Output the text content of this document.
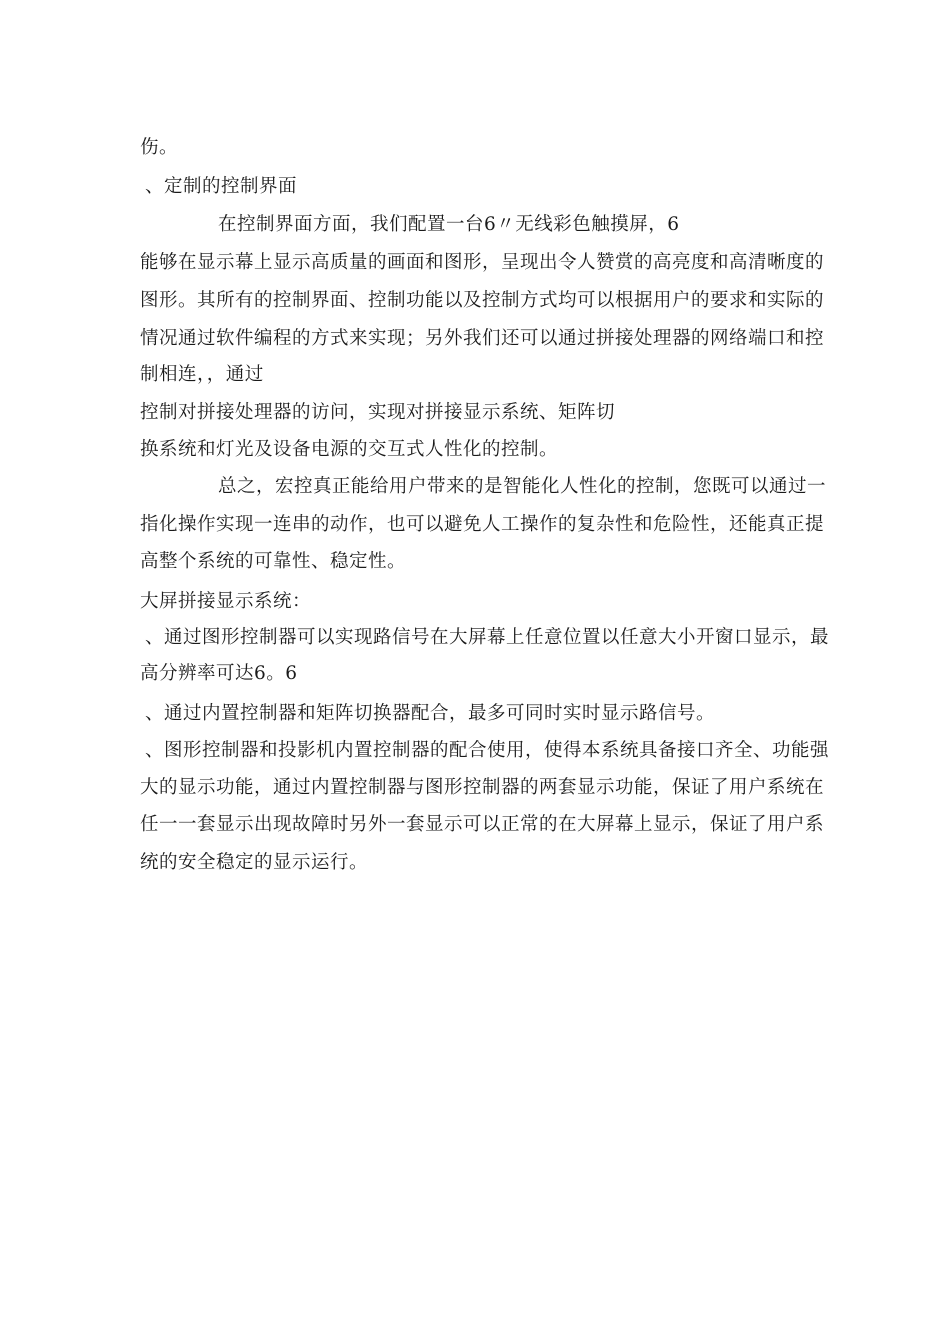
伤。
、定制的控制界面
在控制界面方面，我们配置一台6〃无线彩色触摸屏，6
能够在显示幕上显示高质量的画面和图形，呈现出令人赞赏的高亮度和高清晰度的
图形。其所有的控制界面、控制功能以及控制方式均可以根据用户的要求和实际的
情况通过软件编程的方式来实现；另外我们还可以通过拼接处理器的网络端口和控
制相连，，通过
控制对拼接处理器的访问，实现对拼接显示系统、矩阵切
换系统和灯光及设备电源的交互式人性化的控制。
总之，宏控真正能给用户带来的是智能化人性化的控制，您既可以通过一
指化操作实现一连串的动作，也可以避免人工操作的复杂性和危险性，还能真正提
高整个系统的可靠性、稳定性。
大屏拼接显示系统：
、通过图形控制器可以实现路信号在大屏幕上任意位置以任意大小开窗口显示，最
高分辨率可达6。6
、通过内置控制器和矩阵切换器配合，最多可同时实时显示路信号。
、图形控制器和投影机内置控制器的配合使用，使得本系统具备接口齐全、功能强
大的显示功能，通过内置控制器与图形控制器的两套显示功能，保证了用户系统在
任一一套显示出现故障时另外一套显示可以正常的在大屏幕上显示，保证了用户系
统的安全稳定的显示运行。
